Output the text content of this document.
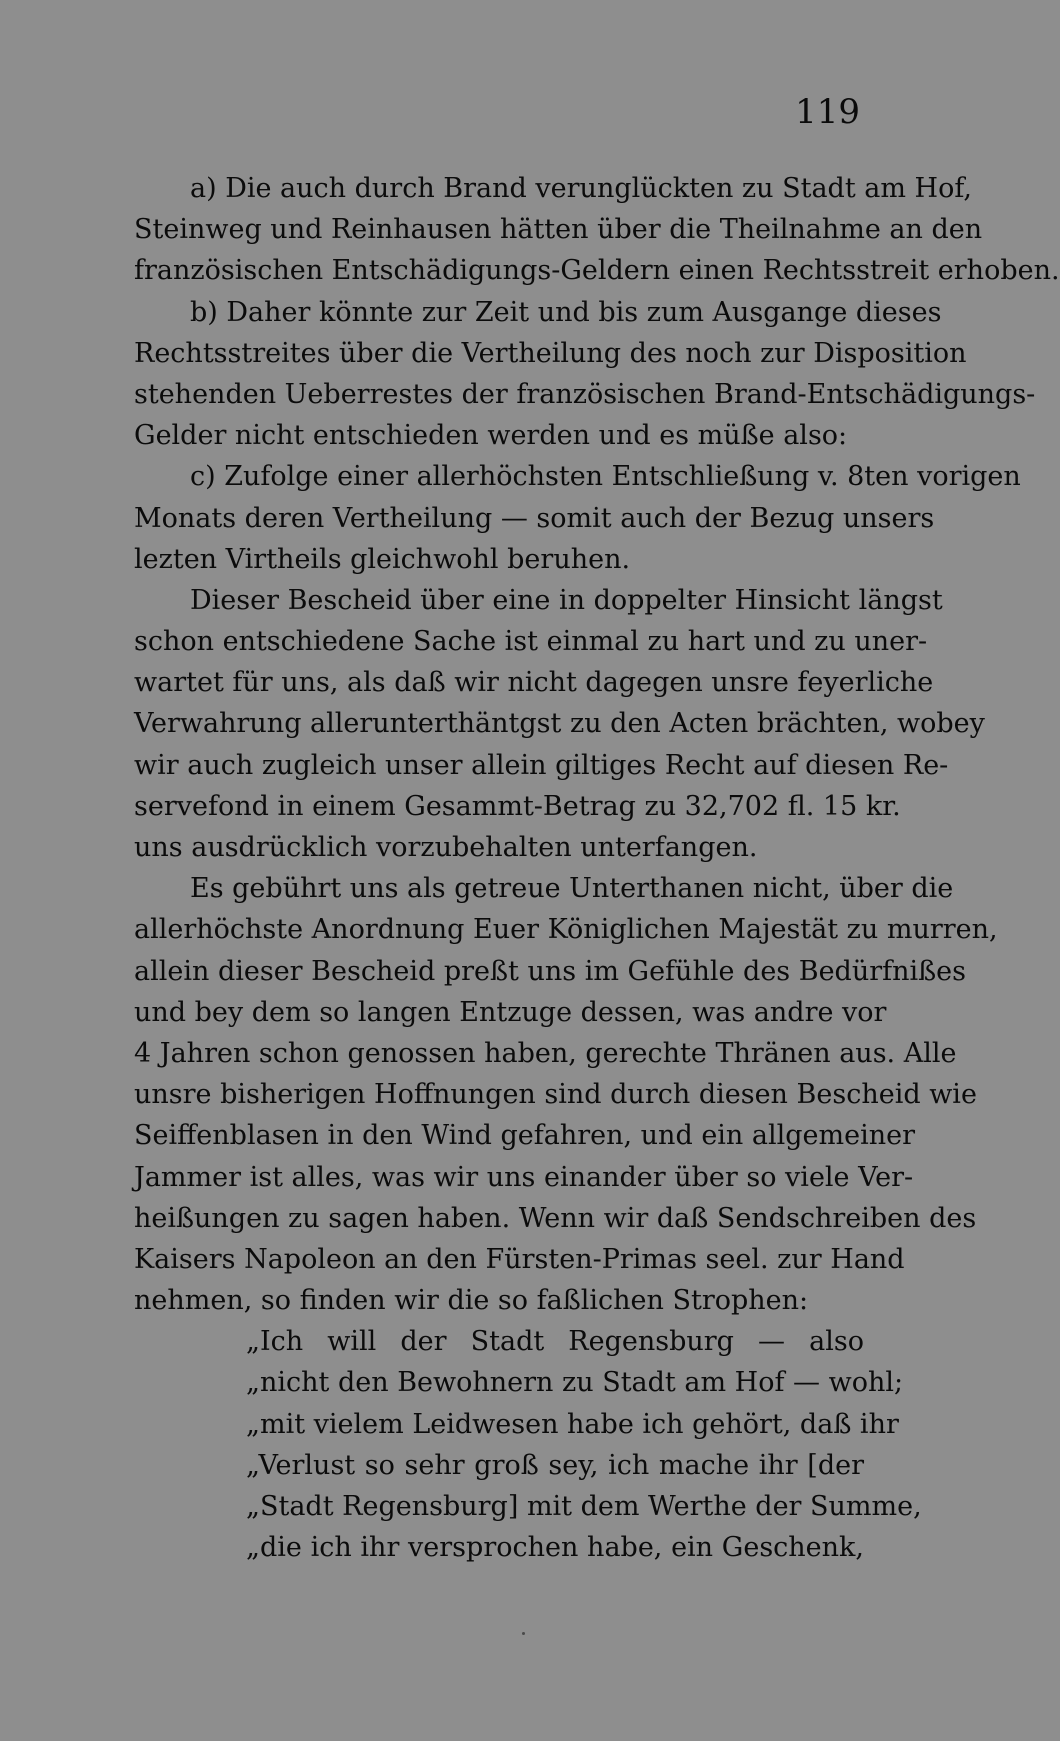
119
a) Die auch durch Brand verunglückten zu Stadt am Hof,
Steinweg und Reinhausen hätten über die Theilnahme an den
französischen Entschädigungs-Geldern einen Rechtsstreit erhoben.
b) Daher könnte zur Zeit und bis zum Ausgange dieses
Rechtsstreites über die Vertheilung des noch zur Disposition
stehenden Ueberrestes der französischen Brand-Entschädigungs-
Gelder nicht entschieden werden und es müße also:
c) Zufolge einer allerhöchsten Entschließung v. 8ten vorigen
Monats deren Vertheilung — somit auch der Bezug unsers
lezten Virtheils gleichwohl beruhen.
Dieser Bescheid über eine in doppelter Hinsicht längst
schon entschiedene Sache ist einmal zu hart und zu uner-
wartet für uns, als daß wir nicht dagegen unsre feyerliche
Verwahrung allerunterthäntgst zu den Acten brächten, wobey
wir auch zugleich unser allein giltiges Recht auf diesen Re-
servefond in einem Gesammt-Betrag zu 32,702 fl. 15 kr.
uns ausdrücklich vorzubehalten unterfangen.
Es gebührt uns als getreue Unterthanen nicht, über die
allerhöchste Anordnung Euer Königlichen Majestät zu murren,
allein dieser Bescheid preßt uns im Gefühle des Bedürfnißes
und bey dem so langen Entzuge dessen, was andre vor
4 Jahren schon genossen haben, gerechte Thränen aus. Alle
unsre bisherigen Hoffnungen sind durch diesen Bescheid wie
Seiffenblasen in den Wind gefahren, und ein allgemeiner
Jammer ist alles, was wir uns einander über so viele Ver-
heißungen zu sagen haben. Wenn wir daß Sendschreiben des
Kaisers Napoleon an den Fürsten-Primas seel. zur Hand
nehmen, so finden wir die so faßlichen Strophen:
„Ich will der Stadt Regensburg — also
„nicht den Bewohnern zu Stadt am Hof — wohl;
„mit vielem Leidwesen habe ich gehört, daß ihr
„Verlust so sehr groß sey, ich mache ihr [der
„Stadt Regensburg] mit dem Werthe der Summe,
„die ich ihr versprochen habe, ein Geschenk,
